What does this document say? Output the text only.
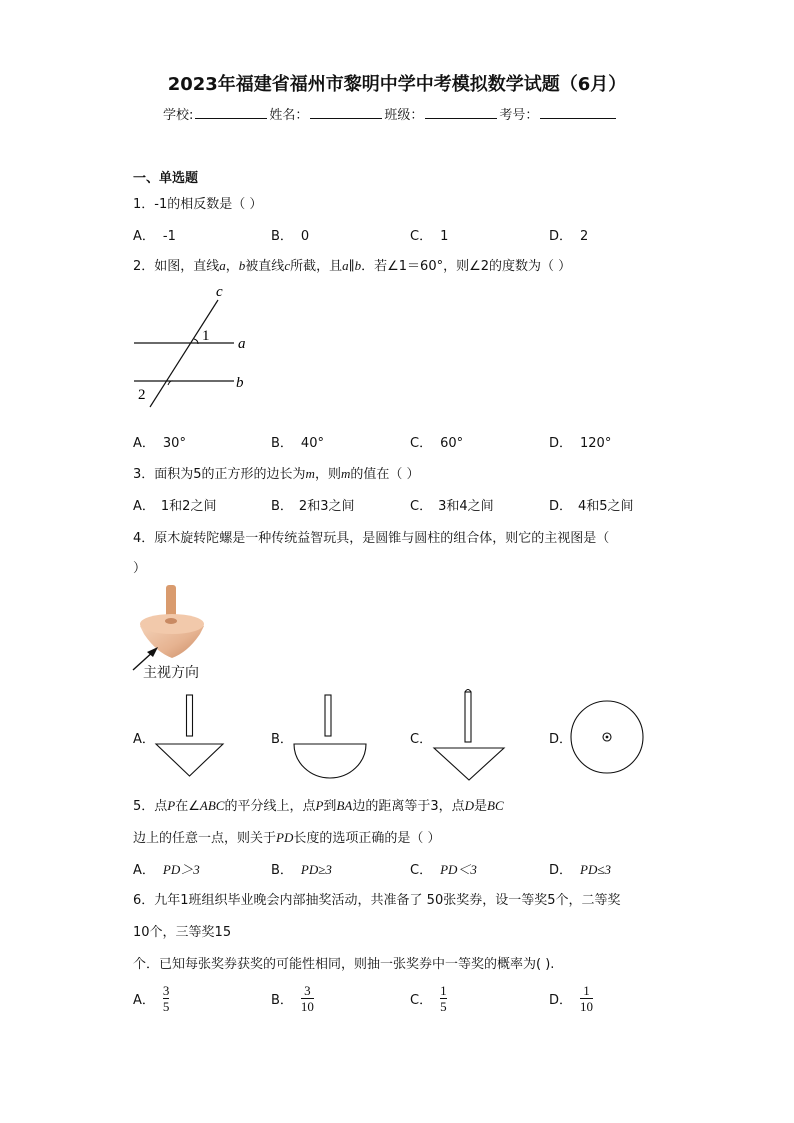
2023年福建省福州市黎明中学中考模拟数学试题（6月）
学校:	姓名：	班级：	考号：
一、单选题
1．-1的相反数是（ ）
A． -1	B． 0	C． 1	D． 2
2．如图，直线a，b被直线c所截，且a∥b．若∠1＝60°，则∠2的度数为（ ）
c
a
b
1
2
A． 30°	B． 40°	C． 60°	D． 120°
3．面积为5的正方形的边长为m，则m的值在（ ）
A． 1和2之间	B． 2和3之间	C． 3和4之间	D． 4和5之间
4．原木旋转陀螺是一种传统益智玩具，是圆锥与圆柱的组合体，则它的主视图是（
）
主视方向
A．	B．	C．	D．
5．点P在∠ABC的平分线上，点P到BA边的距离等于3，点D是BC
边上的任意一点，则关于PD长度的选项正确的是（ ）
A． PD＞3	B． PD≥3	C． PD＜3	D． PD≤3
6．九年1班组织毕业晚会内部抽奖活动，共准备了 50张奖券，设一等奖5个，二等奖
10个，三等奖15
个．已知每张奖券获奖的可能性相同，则抽一张奖券中一等奖的概率为( ).
A． $\frac{3}{5}$	B． $\frac{3}{10}$	C． $\frac{1}{5}$	D． $\frac{1}{10}$
